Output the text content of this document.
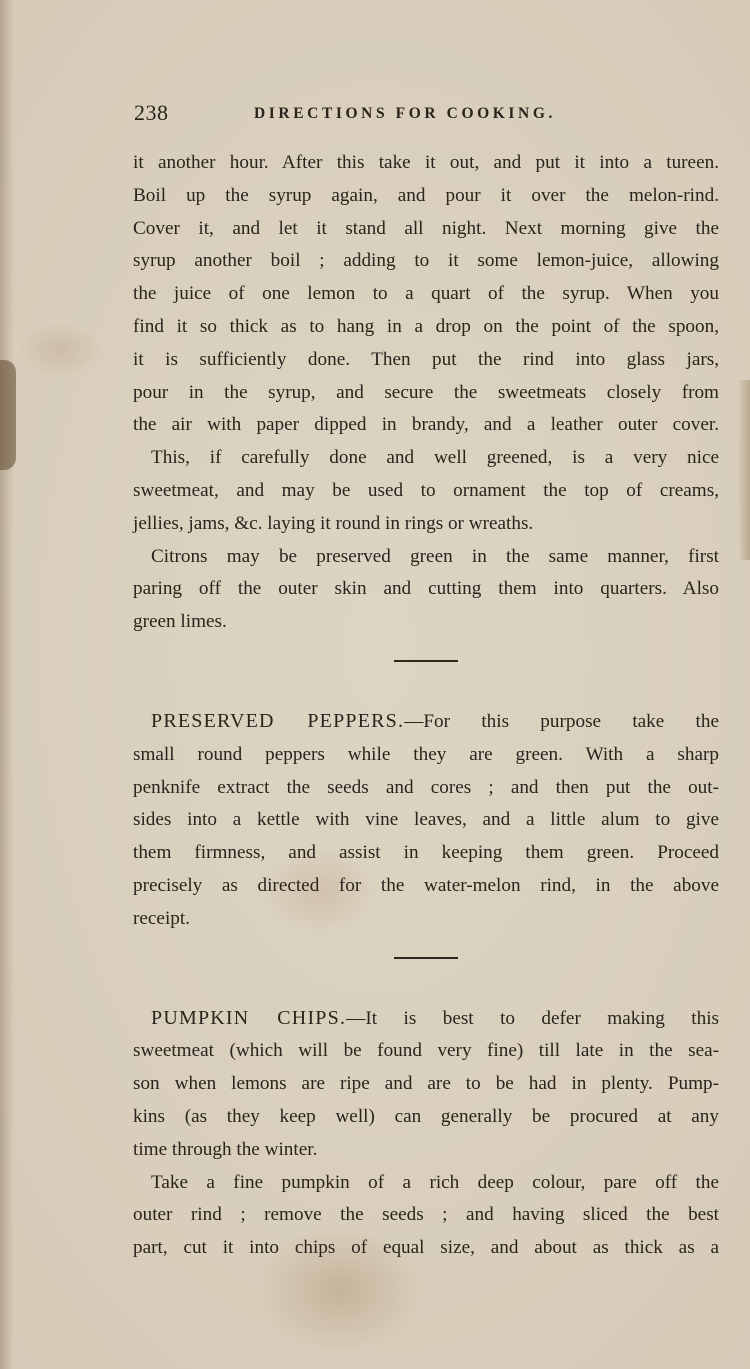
238	DIRECTIONS FOR COOKING.
it another hour. After this take it out, and put it into a tureen.
Boil up the syrup again, and pour it over the melon-rind.
Cover it, and let it stand all night. Next morning give the
syrup another boil ; adding to it some lemon-juice, allowing
the juice of one lemon to a quart of the syrup. When you
find it so thick as to hang in a drop on the point of the spoon,
it is sufficiently done. Then put the rind into glass jars,
pour in the syrup, and secure the sweetmeats closely from
the air with paper dipped in brandy, and a leather outer cover.
This, if carefully done and well greened, is a very nice
sweetmeat, and may be used to ornament the top of creams,
jellies, jams, &c. laying it round in rings or wreaths.
Citrons may be preserved green in the same manner, first
paring off the outer skin and cutting them into quarters. Also
green limes.
PRESERVED PEPPERS.—For this purpose take the
small round peppers while they are green. With a sharp
penknife extract the seeds and cores ; and then put the out-
sides into a kettle with vine leaves, and a little alum to give
them firmness, and assist in keeping them green. Proceed
precisely as directed for the water-melon rind, in the above
receipt.
PUMPKIN CHIPS.—It is best to defer making this
sweetmeat (which will be found very fine) till late in the sea-
son when lemons are ripe and are to be had in plenty. Pump-
kins (as they keep well) can generally be procured at any
time through the winter.
Take a fine pumpkin of a rich deep colour, pare off the
outer rind ; remove the seeds ; and having sliced the best
part, cut it into chips of equal size, and about as thick as a
